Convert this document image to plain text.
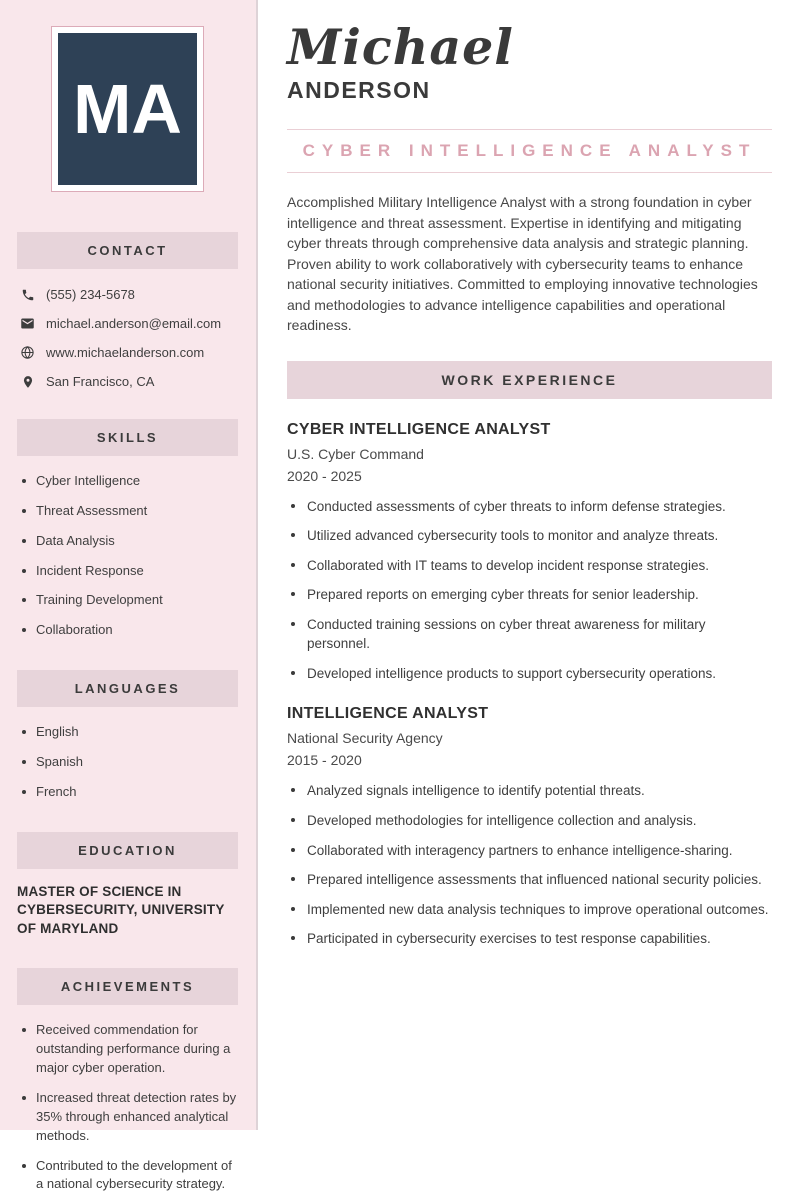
MA
CONTACT
(555) 234-5678
michael.anderson@email.com
www.michaelanderson.com
San Francisco, CA
SKILLS
Cyber Intelligence
Threat Assessment
Data Analysis
Incident Response
Training Development
Collaboration
LANGUAGES
English
Spanish
French
EDUCATION
MASTER OF SCIENCE IN CYBERSECURITY, UNIVERSITY OF MARYLAND
ACHIEVEMENTS
Received commendation for outstanding performance during a major cyber operation.
Increased threat detection rates by 35% through enhanced analytical methods.
Contributed to the development of a national cybersecurity strategy.
Michael
ANDERSON
CYBER INTELLIGENCE ANALYST

Accomplished Military Intelligence Analyst with a strong foundation in cyber intelligence and threat assessment. Expertise in identifying and mitigating cyber threats through comprehensive data analysis and strategic planning. Proven ability to work collaboratively with cybersecurity teams to enhance national security initiatives. Committed to employing innovative technologies and methodologies to advance intelligence capabilities and operational readiness.

WORK EXPERIENCE
CYBER INTELLIGENCE ANALYST
U.S. Cyber Command
2020 - 2025
Conducted assessments of cyber threats to inform defense strategies.
Utilized advanced cybersecurity tools to monitor and analyze threats.
Collaborated with IT teams to develop incident response strategies.
Prepared reports on emerging cyber threats for senior leadership.
Conducted training sessions on cyber threat awareness for military personnel.
Developed intelligence products to support cybersecurity operations.
INTELLIGENCE ANALYST
National Security Agency
2015 - 2020
Analyzed signals intelligence to identify potential threats.
Developed methodologies for intelligence collection and analysis.
Collaborated with interagency partners to enhance intelligence-sharing.
Prepared intelligence assessments that influenced national security policies.
Implemented new data analysis techniques to improve operational outcomes.
Participated in cybersecurity exercises to test response capabilities.
